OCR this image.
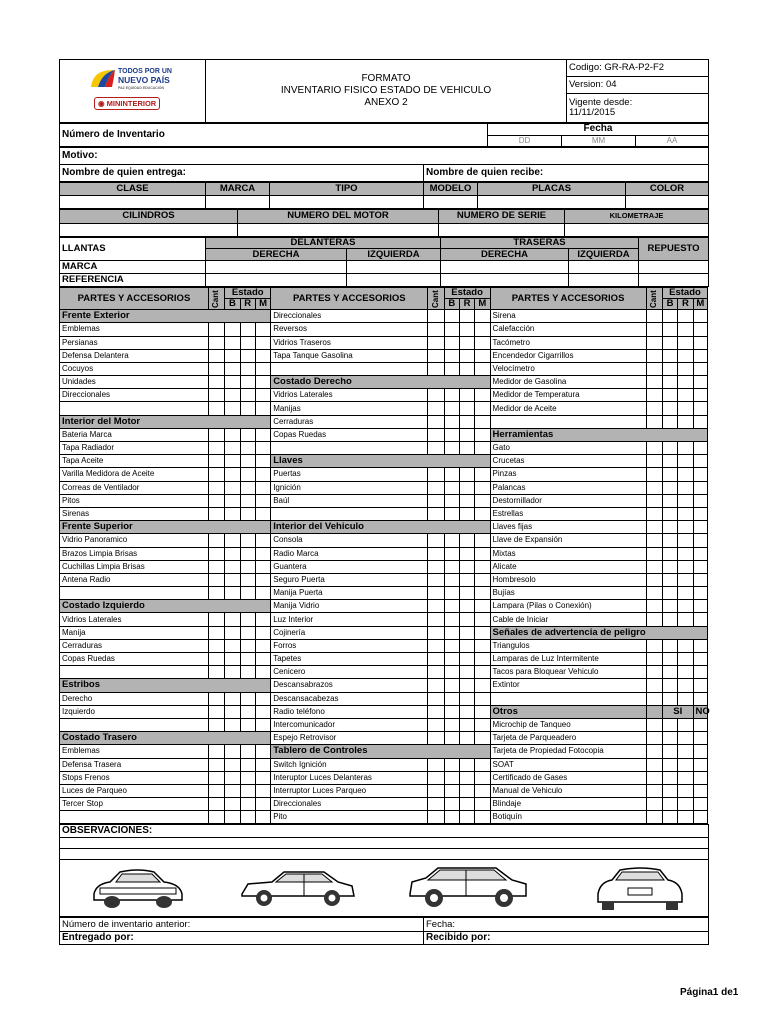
TODOS POR UN
NUEVO PAÍS
PAZ EQUIDAD EDUCACIÓN
◉ MININTERIOR

FORMATO
INVENTARIO FISICO ESTADO DE VEHICULO
ANEXO 2
	Codigo: GR-RA-P2-F2
Version: 04

Vigente desde:
11/11/2015
Número de Inventario	Fecha		
	DD	MM	AA
Motivo:
Nombre de quien entrega:	Nombre de quien recibe:
CLASE	MARCA	TIPO	MODELO	PLACAS	COLOR

CILINDROS	NUMERO DEL MOTOR	NUMERO DE SERIE	KILOMETRAJE

LLANTAS	DELANTERAS		TRASERAS		REPUESTO
	DERECHA	IZQUIERDA	DERECHA	IZQUIERDA	
MARCA					
REFERENCIA					
PARTES Y ACCESORIOS	Cant	Estado			PARTES Y ACCESORIOS	Cant	Estado			PARTES Y ACCESORIOS	Cant	Estado		
		B	R	M			B	R	M			B	R	M
Frente Exterior					Direccionales					Sirena				
Emblemas					Reversos					Calefacción				
Persianas					Vidrios Traseros					Tacómetro				
Defensa Delantera					Tapa Tanque Gasolina					Encendedor Cigarrillos				
Cocuyos										Velocímetro				
Unidades					Costado Derecho					Medidor de Gasolina				
Direccionales					Vidrios Laterales					Medidor de Temperatura				
					Manijas					Medidor de Aceite				
Interior del Motor					Cerraduras									
Bateria Marca					Copas Ruedas					Herramientas				
Tapa Radiador										Gato				
Tapa Aceite					Llaves					Crucetas				
Varilla Medidora de Aceite					Puertas					Pinzas				
Correas de Ventilador					Ignición					Palancas				
Pitos					Baúl					Destornillador				
Sirenas										Estrellas				
Frente Superior					Interior del Vehiculo					Llaves fijas				
Vidrio Panoramico					Consola					Llave de Expansión				
Brazos Limpia Brisas					Radio Marca					Mixtas				
Cuchillas Limpia Brisas					Guantera					Alicate				
Antena Radio					Seguro Puerta					Hombresolo				
					Manija Puerta					Bujías				
Costado Izquierdo					Manija Vidrio					Lampara (Pilas o Conexión)				
Vidrios Laterales					Luz Interior					Cable de Iniciar				
Manija					Cojinería					Señales de advertencia de peligro				
Cerraduras					Forros					Triangulos				
Copas Ruedas					Tapetes					Lamparas de Luz Intermitente				
					Cenicero					Tacos para Bloquear Vehiculo				
Estribos					Descansabrazos					Extintor				
Derecho					Descansacabezas									
Izquierdo					Radio teléfono					Otros		SI		NO
					Intercomunicador					Microchip de Tanqueo				
Costado Trasero					Espejo Retrovisor					Tarjeta de Parqueadero				
Emblemas					Tablero de Controles					Tarjeta de Propiedad Fotocopia				
Defensa Trasera					Switch Ignición					SOAT				
Stops Frenos					Interuptor Luces Delanteras					Certificado de Gases				
Luces de Parqueo					Interruptor Luces Parqueo					Manual de Vehiculo				
Tercer Stop					Direccionales					Blindaje				
					Pito					Botiquín				
OBSERVACIONES:

Número de inventario anterior:	Fecha:
Entregado por:	Recibido por:
Página1 de1
